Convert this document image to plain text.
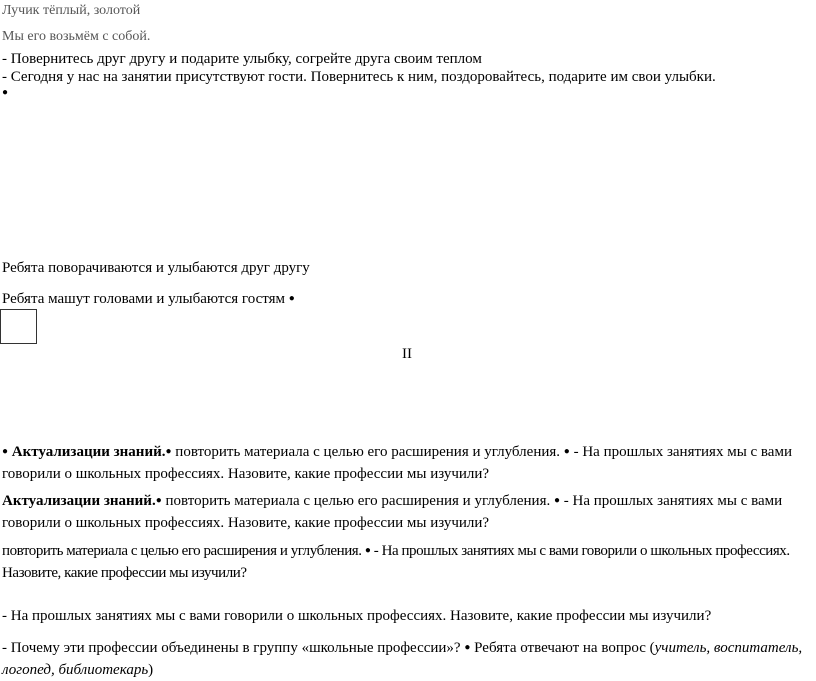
Лучик тёплый, золотой
Мы его возьмём с собой.
- Повернитесь друг другу и подарите улыбку, согрейте друга своим теплом
- Сегодня у нас на занятии присутствуют гости. Повернитесь к ним, поздоровайтесь, подарите им свои улыбки.
●
Ребята поворачиваются и улыбаются друг другу
Ребята машут головами и улыбаются гостям ●
II
● Актуализации знаний.● повторить материала с целью его расширения и углубления. ● - На прошлых занятиях мы с вами говорили о школьных профессиях. Назовите, какие профессии мы изучили?
Актуализации знаний.● повторить материала с целью его расширения и углубления. ● - На прошлых занятиях мы с вами говорили о школьных профессиях. Назовите, какие профессии мы изучили?
повторить материала с целью его расширения и углубления. ● - На прошлых занятиях мы с вами говорили о школьных профессиях. Назовите, какие профессии мы изучили?
- На прошлых занятиях мы с вами говорили о школьных профессиях. Назовите, какие профессии мы изучили?
- Почему эти профессии объединены в группу «школьные профессии»? ● Ребята отвечают на вопрос (учитель, воспитатель, логопед, библиотекарь)
